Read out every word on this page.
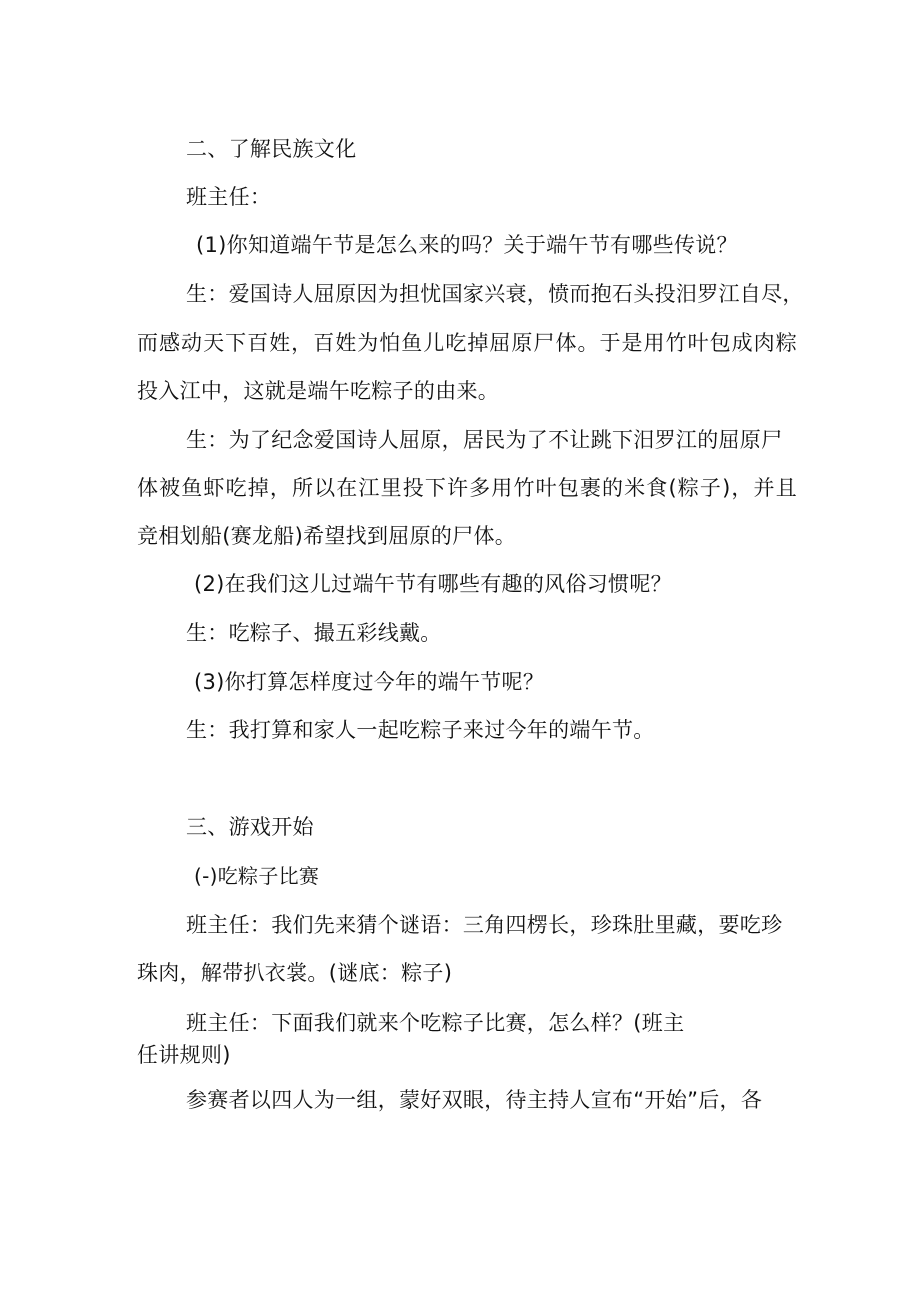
二、了解民族文化
班主任：
(1)你知道端午节是怎么来的吗？关于端午节有哪些传说？
生：爱国诗人屈原因为担忧国家兴衰，愤而抱石头投汨罗江自尽，
而感动天下百姓，百姓为怕鱼儿吃掉屈原尸体。于是用竹叶包成肉粽
投入江中，这就是端午吃粽子的由来。
生：为了纪念爱国诗人屈原，居民为了不让跳下汨罗江的屈原尸
体被鱼虾吃掉，所以在江里投下许多用竹叶包裹的米食(粽子)，并且
竞相划船(赛龙船)希望找到屈原的尸体。
(2)在我们这儿过端午节有哪些有趣的风俗习惯呢？
生：吃粽子、撮五彩线戴。
(3)你打算怎样度过今年的端午节呢？
生：我打算和家人一起吃粽子来过今年的端午节。
三、游戏开始
(-)吃粽子比赛
班主任：我们先来猜个谜语：三角四楞长，珍珠肚里藏，要吃珍
珠肉，解带扒衣裳。(谜底：粽子)
班主任：下面我们就来个吃粽子比赛，怎么样？(班主
任讲规则)
参赛者以四人为一组，蒙好双眼，待主持人宣布“开始”后，各
